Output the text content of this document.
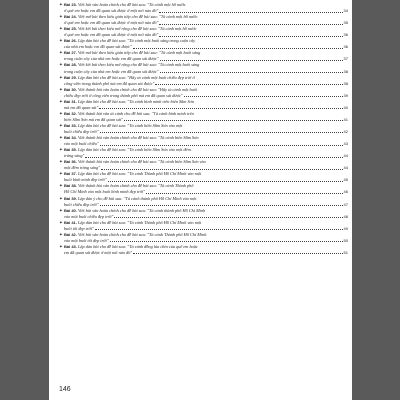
✦ Bài 23. Viết bài văn hoàn chỉnh cho đề bài sau: "Tả cảnh một hồ nước
ở quê em hoặc em đã quan sát được ở một nơi nào đó"	34
✦ Bài 24. Viết mở bài theo kiểu gián tiếp cho đề bài sau: "Tả cảnh một hồ nước
ở quê em hoặc em đã quan sát được ở một nơi nào đó"	35
✦ Bài 25. Viết kết bài theo kiểu mở rộng cho đề bài sau: "Tả cảnh một hồ nước
ở quê em hoặc em đã quan sát được ở một nơi nào đó"	36
✦ Bài 26. Lập dàn bài cho đề bài sau: "Tả cảnh một buổi sáng trong cuộn cây
của nhà em hoặc em đã quan sát được"	36
✦ Bài 27. Viết mở bài theo kiểu gián tiếp cho đề bài sau: "Tả cảnh một buổi sáng
trong cuộn cây của nhà em hoặc em đã quan sát được"	37
✦ Bài 28. Viết kết bài theo kiểu mở rộng cho đề bài sau: "Tả cảnh một buổi sáng
trong cuộn cây của nhà em hoặc em đã quan sát được"	38
✦ Bài 29. Lập dàn bài cho đề bài sau: "Hãy tả cảnh một buổi chiều đẹp trời ở
công viên trong thành phố mà em đã quan sát được"	38
✦ Bài 30. Viết thành bài văn hoàn chỉnh cho đề bài sau: "Hãy tả cảnh một buổi
chiều đẹp trời ở công viên trong thành phố mà em đã quan sát được"	39
✦ Bài 31. Lập dàn bài cho đề bài sau: "Tả cảnh bình minh trên biển Sầm Sơn
mà em đã quan sát"	40
✦ Bài 32. Viết thành bài văn tả cảnh cho đề bài sau: "Tả cảnh bình minh trên
biển Sầm Sơn mà em đã quan sát"	41
✦ Bài 33. Lập dàn bài cho đề bài sau: "Tả cảnh biển Sầm Sơn vào một
buổi chiều đẹp trời"	42
✦ Bài 34. Viết thành bài văn hoàn chỉnh cho đề bài sau: "Tả cảnh biển Sầm Sơn
vào một buổi chiều"	43
✦ Bài 35. Lập dàn bài cho đề bài sau: "Tả cảnh biển Sầm Sơn vào một đêm
trăng sáng"	44
✦ Bài 36. Viết thành bài văn hoàn chỉnh cho đề bài sau: "Tả cảnh biển Sầm Sơn vào
một đêm trăng sáng"	44
✦ Bài 37. Lập dàn bài cho đề bài sau: "Tả cảnh Thành phố Hồ Chí Minh vào một
buổi bình minh đẹp trời"	45
✦ Bài 38. Viết thành bài văn hoàn chỉnh cho đề bài sau: "Tả cảnh Thành phố
Hồ Chí Minh vào một buổi bình minh đẹp trời"	46
✦ Bài 39. Lập dàn ý cho đề bài sau: "Tả cảnh thành phố Hồ Chí Minh vào một
buổi chiều đẹp trời"	47
✦ Bài 40. Viết bài văn hoàn chỉnh cho đề bài sau: "Tả cảnh thành phố Hồ Chí Minh
vào một buổi chiều đẹp trời"	48
✦ Bài 41. Lập dàn bài cho đề bài sau: "Tả cảnh Thành phố Hồ Chí Minh vào một
buổi tối đẹp trời"	49
✦ Bài 42. Viết bài văn hoàn chỉnh cho đề bài sau: "Tả cảnh Thành phố Hồ Chí Minh
vào một buổi tối đẹp trời"	50
✦ Bài 43. Lập dàn bài cho đề bài sau: "Tả cảnh đồng lúa chín của quê em hoặc
em đã quan sát được ở một nơi nào đó"	51
146
